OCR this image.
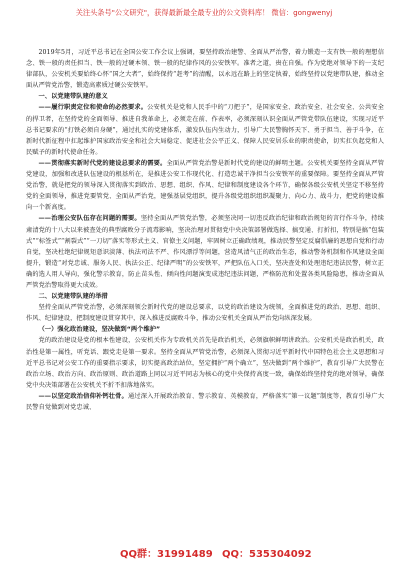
关注头条号"公文研究"，获得最新最全最专业的公文资料库！ 微信：gongwenyj

2019年5月，习近平总书记在全国公安工作会议上强调，要坚持政治建警、全面从严治警，着力锻造一支有铁一般的理想信念、铁一般的责任担当、铁一般的过硬本领、铁一般的纪律作风的公安铁军。准者之道，贵在自强。作为党绝对领导下的一支纪律部队，公安机关要始终心怀“国之大者”，始终保持“赶考”的清醒，以永远在路上的坚定执着，始终坚持以党建带队建，推动全面从严管党治警，锻造高素质过硬公安铁军。

一、以党建带队建的意义

——履行职责定位和使命的必然要求。公安机关是党和人民手中的“刀把子”，是国家安全、政治安全、社会安全、公共安全的捍卫者，在坚持党的全面领导、推进自我革命上，必须走在前、作表率，必须深刻认识全面从严管党带队伍建设，实现习近平总书记要求的“打铁必须自身硬”，通过扎实的党建体系，激发队伍内生动力，引导广大民警胸怀天下、勇于担当、善于斗争，在新时代新征程中扛起维护国家政治安全和社会大局稳定、促进社会公平正义、保障人民安居乐业的职责使命，切实扛负起党和人民赋予的新时代使命任务。

——贯彻落实新时代党的建设总要求的需要。全面从严管党治警是新时代党的建设的鲜明主题。公安机关要坚持全面从严管党建设，加强和改进队伍建设的根基所在，是推进公安工作现代化、打造忠诚干净担当公安铁军的重要保障。要坚持全面从严管党治警，就是把党的领导深入贯彻落实到政治、思想、组织、作风、纪律和制度建设各个环节，确保各级公安机关坚定不移坚持党的全面领导，推进党要管党、全面从严治党，建强基层党组织，提升各级党组织组织凝聚力、向心力、战斗力，把党的建设推向一个新高度。

——治理公安队伍存在问题的需要。坚持全面从严管党治警，必须坚决同一切违反政治纪律和政治规矩的言行作斗争，持续肃清党的十八大以来被查处的典型腐败分子流毒影响，坚决治理对贯彻党中央决策部署做选择、搞变通、打折扣，特别是搞“包装式”“标签式”“割裂式”“一刀切”落实等形式主义、官僚主义问题，牢固树立正确政绩观，推动民警坚定反腐倡廉的思想自觉和行动自觉，坚决杜绝纪律规矩意识淡薄、执法司法不严、作风漂浮等问题，营造风清气正的政治生态，推动警务机制和作风建设全面提升，锻造“对党忠诚、服务人民、执法公正、纪律严明”的公安铁军，严把队伍入口关，坚决查处和处理违纪违法民警，树立正确的选人用人导向，强化警示教育，防止苗头性、倾向性问题演变成违纪违法问题，严格防范和处置各类风险隐患，推动全面从严管党治警取得更大成效。

二、以党建带队建的举措

坚持全面从严管党治警，必须深刻领会新时代党的建设总要求，以党的政治建设为统领，全面推进党的政治、思想、组织、作风、纪律建设，把制度建设贯穿其中，深入推进反腐败斗争，推动公安机关全面从严治党向纵深发展。

（一）强化政治建设，坚决做到“两个维护”

党的政治建设是党的根本性建设，公安机关作为专政机关首先是政治机关，必须旗帜鲜明讲政治。公安机关是政治机关，政治性是第一属性，听党话、跟党走是第一要求。坚持全面从严管党治警，必须深入贯彻习近平新时代中国特色社会主义思想和习近平总书记对公安工作的重要指示要求，切实提高政治站位，坚定拥护“两个确立”，坚决做到“两个维护”，教育引导广大民警在政治立场、政治方向、政治原则、政治道路上同以习近平同志为核心的党中央保持高度一致，确保始终坚持党的绝对领导，确保党中央决策部署在公安机关不折不扣落地落实。

——以坚定政治信仰补钙壮骨。通过深入开展政治教育、警示教育、英模教育，严格落实“第一议题”制度等，教育引导广大民警自觉做到对党忠诚、

QQ群：31991489 QQ：535304092
